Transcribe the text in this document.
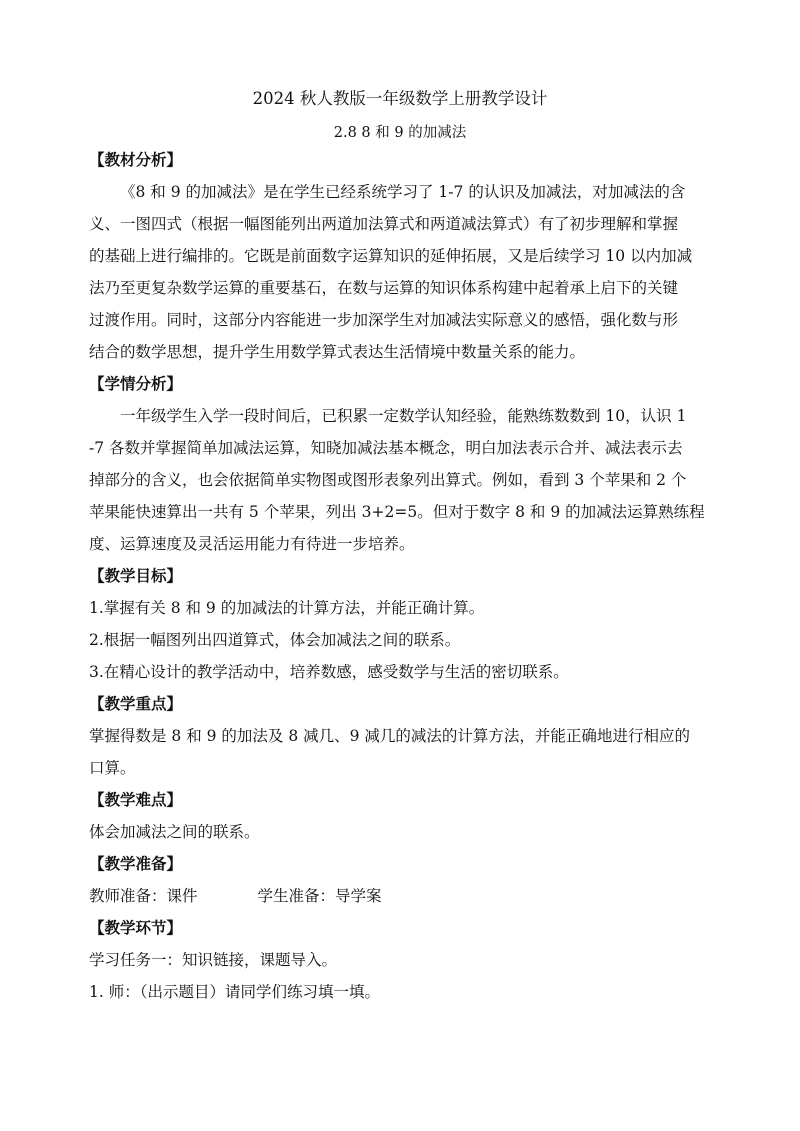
2024 秋人教版一年级数学上册教学设计
2.8 8 和 9 的加减法
【教材分析】
《8 和 9 的加减法》是在学生已经系统学习了 1-7 的认识及加减法，对加减法的含
义、一图四式（根据一幅图能列出两道加法算式和两道减法算式）有了初步理解和掌握
的基础上进行编排的。它既是前面数字运算知识的延伸拓展，又是后续学习 10 以内加减
法乃至更复杂数学运算的重要基石，在数与运算的知识体系构建中起着承上启下的关键
过渡作用。同时，这部分内容能进一步加深学生对加减法实际意义的感悟，强化数与形
结合的数学思想，提升学生用数学算式表达生活情境中数量关系的能力。
【学情分析】
一年级学生入学一段时间后，已积累一定数学认知经验，能熟练数数到 10，认识 1
-7 各数并掌握简单加减法运算，知晓加减法基本概念，明白加法表示合并、减法表示去
掉部分的含义，也会依据简单实物图或图形表象列出算式。例如，看到 3 个苹果和 2 个
苹果能快速算出一共有 5 个苹果，列出 3+2=5。但对于数字 8 和 9 的加减法运算熟练程
度、运算速度及灵活运用能力有待进一步培养。
【教学目标】
1.掌握有关 8 和 9 的加减法的计算方法，并能正确计算。
2.根据一幅图列出四道算式，体会加减法之间的联系。
3.在精心设计的教学活动中，培养数感，感受数学与生活的密切联系。
【教学重点】
掌握得数是 8 和 9 的加法及 8 减几、9 减几的减法的计算方法，并能正确地进行相应的
口算。
【教学难点】
体会加减法之间的联系。
【教学准备】
教师准备：课件	学生准备：导学案
【教学环节】
学习任务一：知识链接，课题导入。
1. 师：（出示题目）请同学们练习填一填。
